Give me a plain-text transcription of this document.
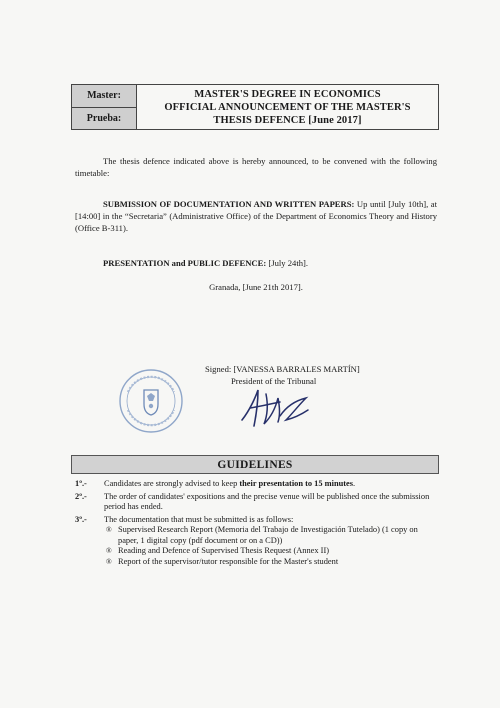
Master:
Prueba:
MASTER'S DEGREE IN ECONOMICS
OFFICIAL ANNOUNCEMENT OF THE MASTER'S
THESIS DEFENCE [June 2017]
The thesis defence indicated above is hereby announced, to be convened with the following timetable:
SUBMISSION OF DOCUMENTATION AND WRITTEN PAPERS: Up until [July 10th], at [14:00] in the “Secretaria” (Administrative Office) of the Department of Economics Theory and History (Office B-311).
PRESENTATION and PUBLIC DEFENCE: [July 24th].
Granada, [June 21th 2017].
Signed: [VANESSA BARRALES MARTÍN]
President of the Tribunal
GUIDELINES
1º.-	Candidates are strongly advised to keep their presentation to 15 minutes.
2º.-	The order of candidates' expositions and the precise venue will be published once the submission period has ended.
3º.-	The documentation that must be submitted is as follows:
® Supervised Research Report (Memoria del Trabajo de Investigación Tutelado) (1 copy on paper, 1 digital copy (pdf document or on a CD))
® Reading and Defence of Supervised Thesis Request (Annex II)
® Report of the supervisor/tutor responsible for the Master's student
